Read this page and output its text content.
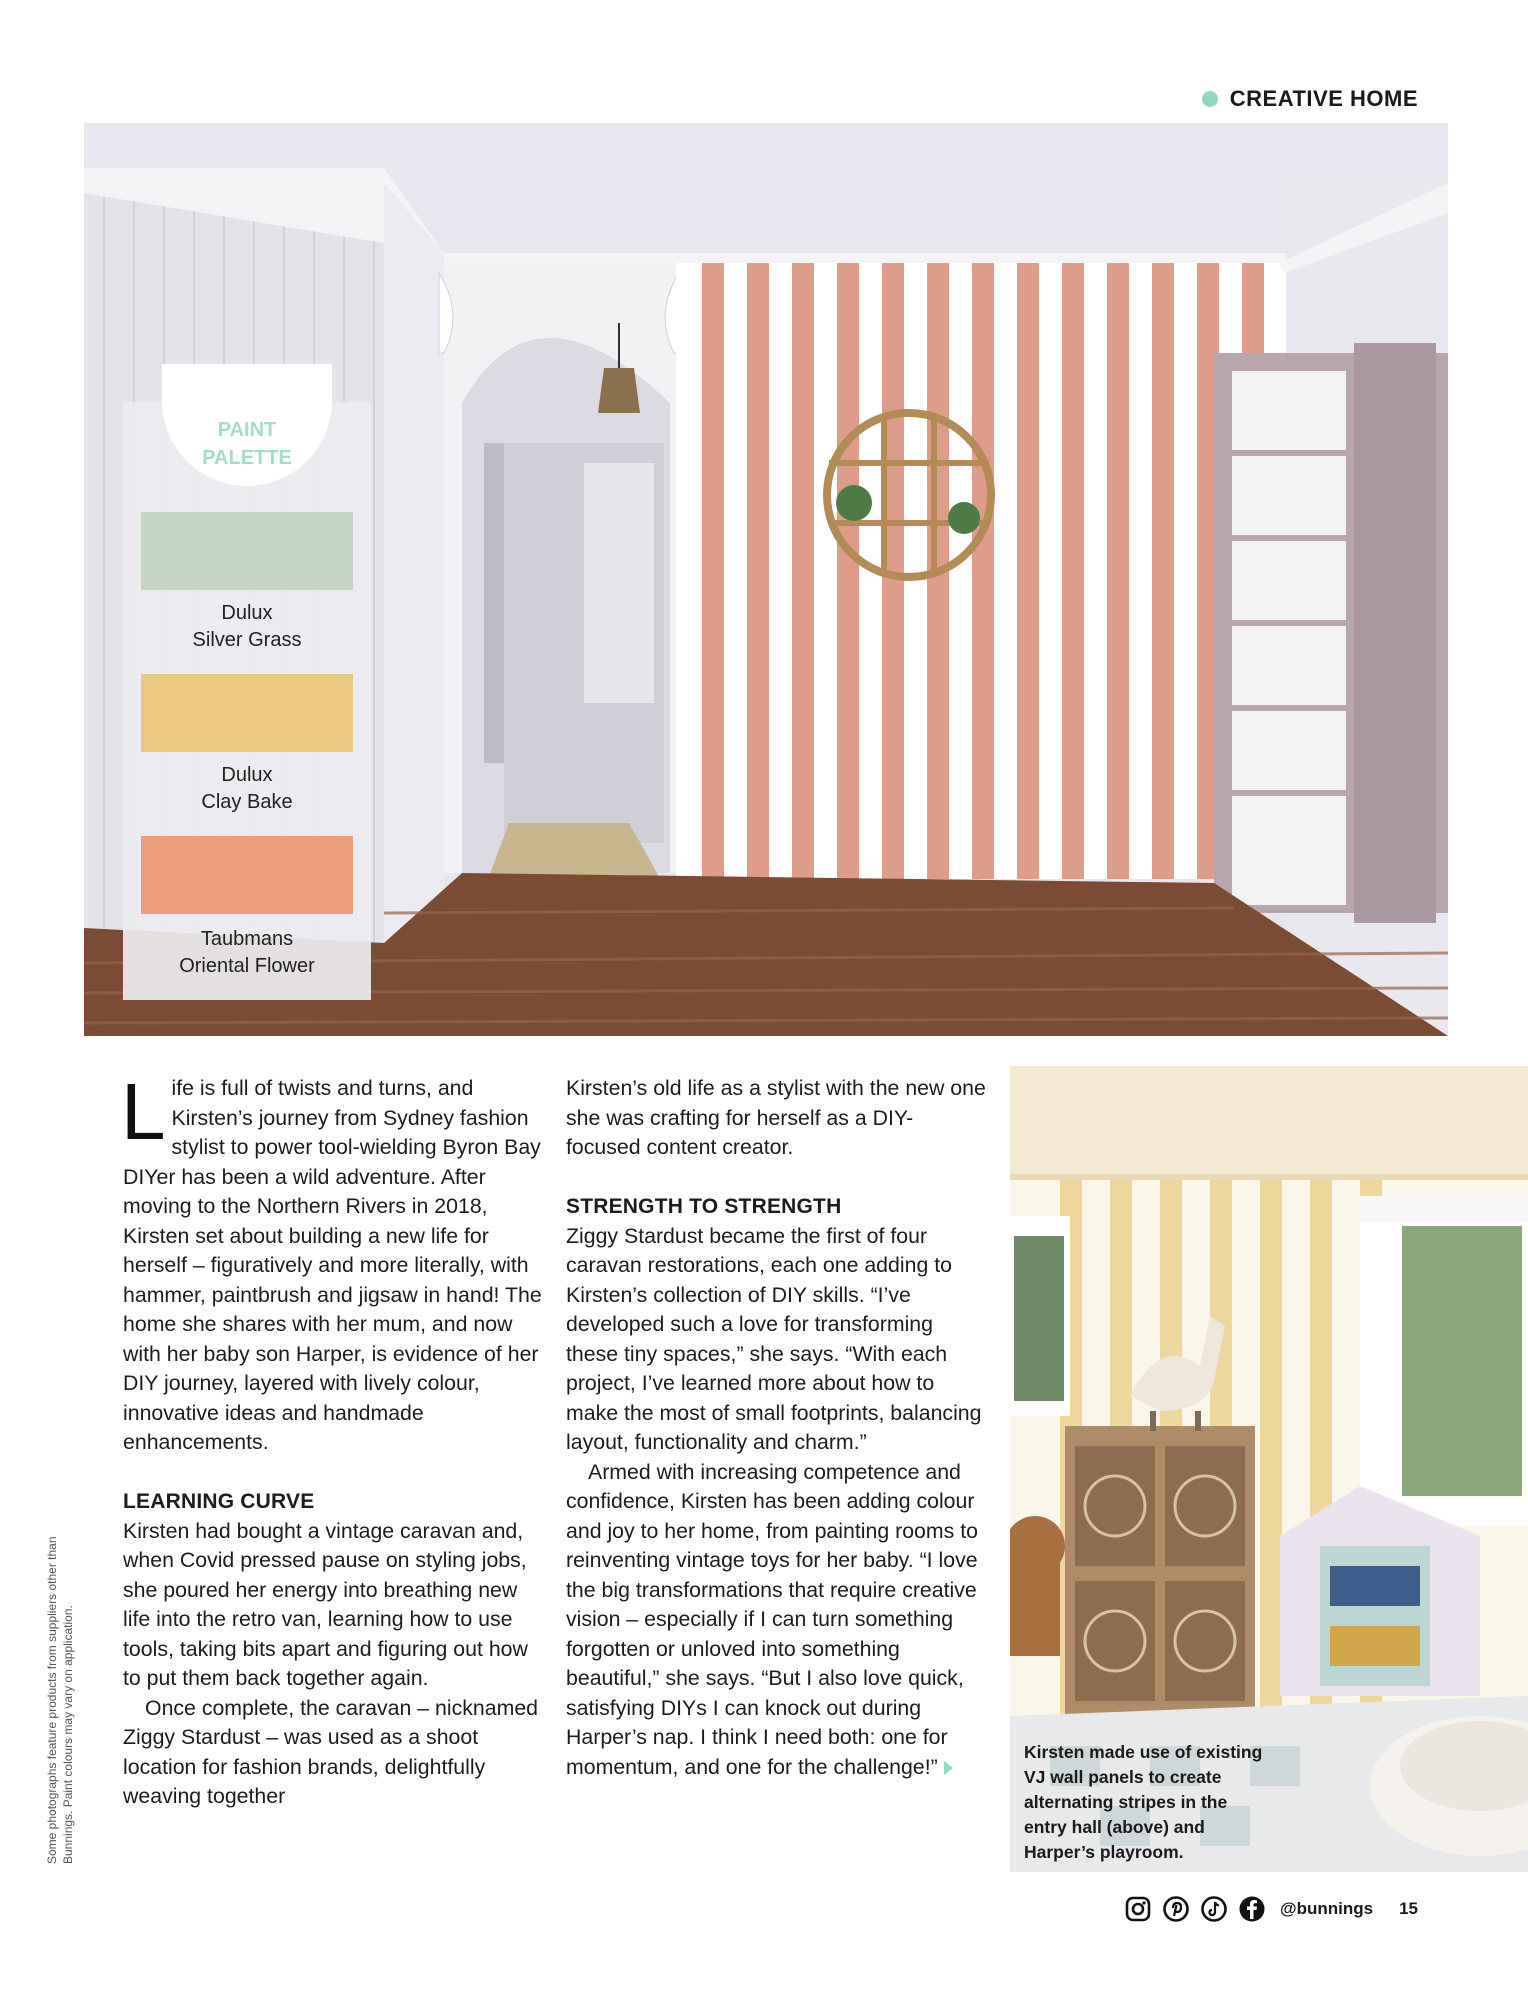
CREATIVE HOME
PAINT
PALETTE
Dulux
Silver Grass
Dulux
Clay Bake
Taubmans
Oriental Flower

Life is full of twists and turns, and Kirsten’s journey from Sydney fashion stylist to power tool-wielding Byron Bay DIYer has been a wild adventure. After moving to the Northern Rivers in 2018, Kirsten set about building a new life for herself – figuratively and more literally, with hammer, paintbrush and jigsaw in hand! The home she shares with her mum, and now with her baby son Harper, is evidence of her DIY journey, layered with lively colour, innovative ideas and handmade enhancements.

LEARNING CURVE

Kirsten had bought a vintage caravan and, when Covid pressed pause on styling jobs, she poured her energy into breathing new life into the retro van, learning how to use tools, taking bits apart and figuring out how to put them back together again.

Once complete, the caravan – nicknamed Ziggy Stardust – was used as a shoot location for fashion brands, delightfully weaving together

Kirsten’s old life as a stylist with the new one she was crafting for herself as a DIY-focused content creator.

STRENGTH TO STRENGTH

Ziggy Stardust became the first of four caravan restorations, each one adding to Kirsten’s collection of DIY skills. “I’ve developed such a love for transforming these tiny spaces,” she says. “With each project, I’ve learned more about how to make the most of small footprints, balancing layout, functionality and charm.”

Armed with increasing competence and confidence, Kirsten has been adding colour and joy to her home, from painting rooms to reinventing vintage toys for her baby. “I love the big transformations that require creative vision – especially if I can turn something forgotten or unloved into something beautiful,” she says. “But I also love quick, satisfying DIYs I can knock out during Harper’s nap. I think I need both: one for momentum, and one for the challenge!”

Some photographs feature products from suppliers other than Bunnings. Paint colours may vary on application.	Kirsten made use of existing VJ wall panels to create alternating stripes in the entry hall (above) and Harper’s playroom.
@bunnings 15
